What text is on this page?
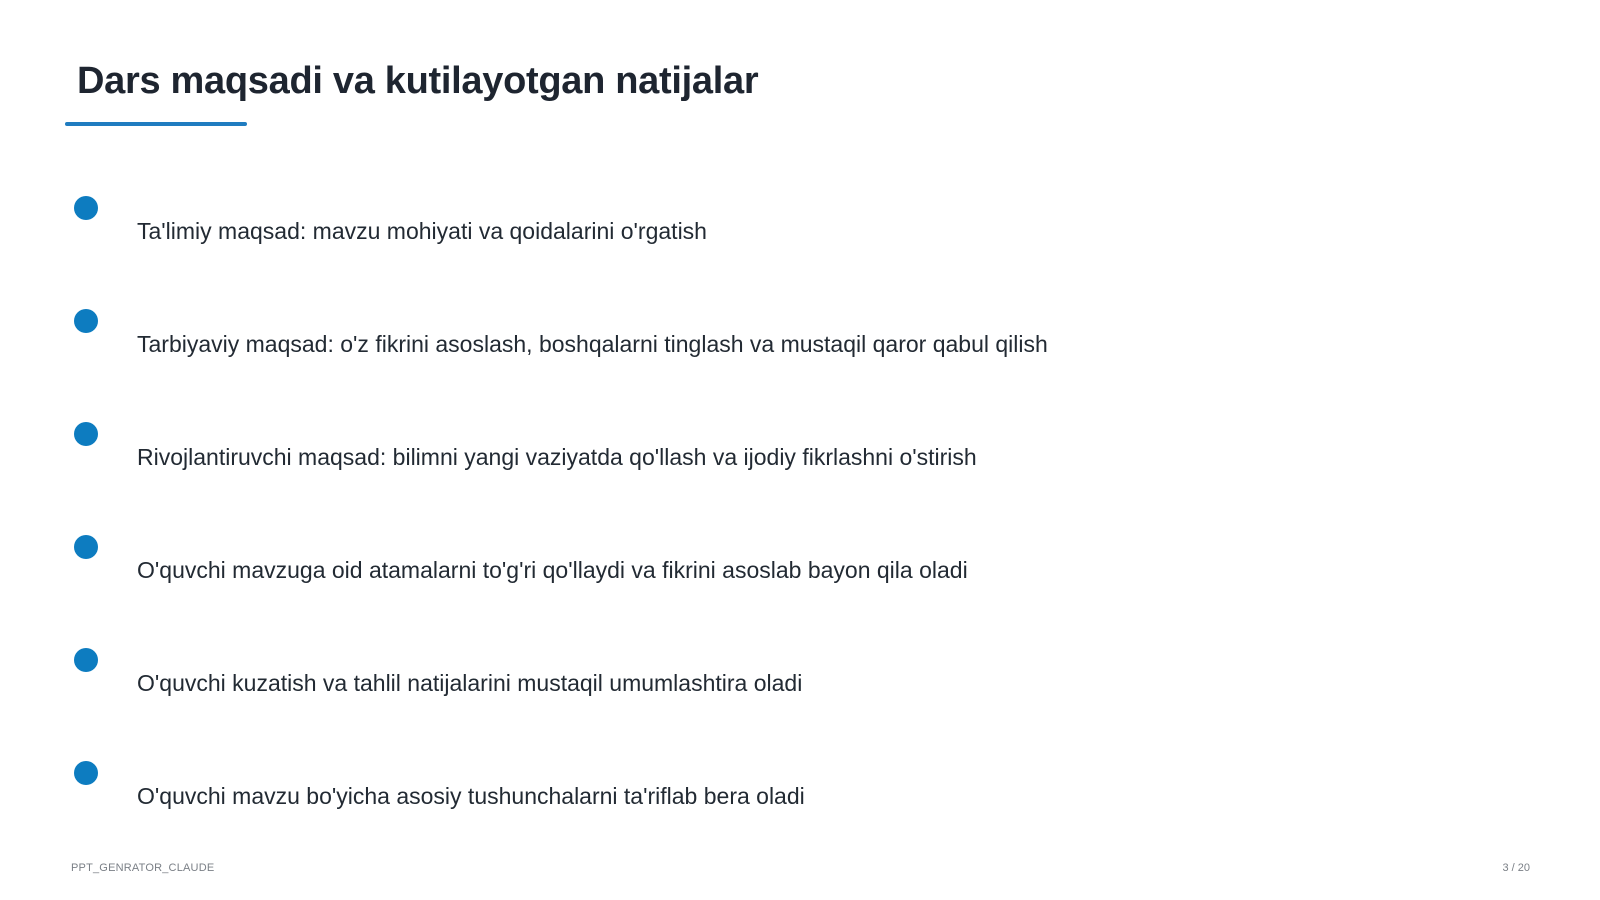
Dars maqsadi va kutilayotgan natijalar
Ta'limiy maqsad: mavzu mohiyati va qoidalarini o'rgatish
Tarbiyaviy maqsad: o'z fikrini asoslash, boshqalarni tinglash va mustaqil qaror qabul qilish
Rivojlantiruvchi maqsad: bilimni yangi vaziyatda qo'llash va ijodiy fikrlashni o'stirish
O'quvchi mavzuga oid atamalarni to'g'ri qo'llaydi va fikrini asoslab bayon qila oladi
O'quvchi kuzatish va tahlil natijalarini mustaqil umumlashtira oladi
O'quvchi mavzu bo'yicha asosiy tushunchalarni ta'riflab bera oladi
PPT_GENRATOR_CLAUDE	3 / 20
